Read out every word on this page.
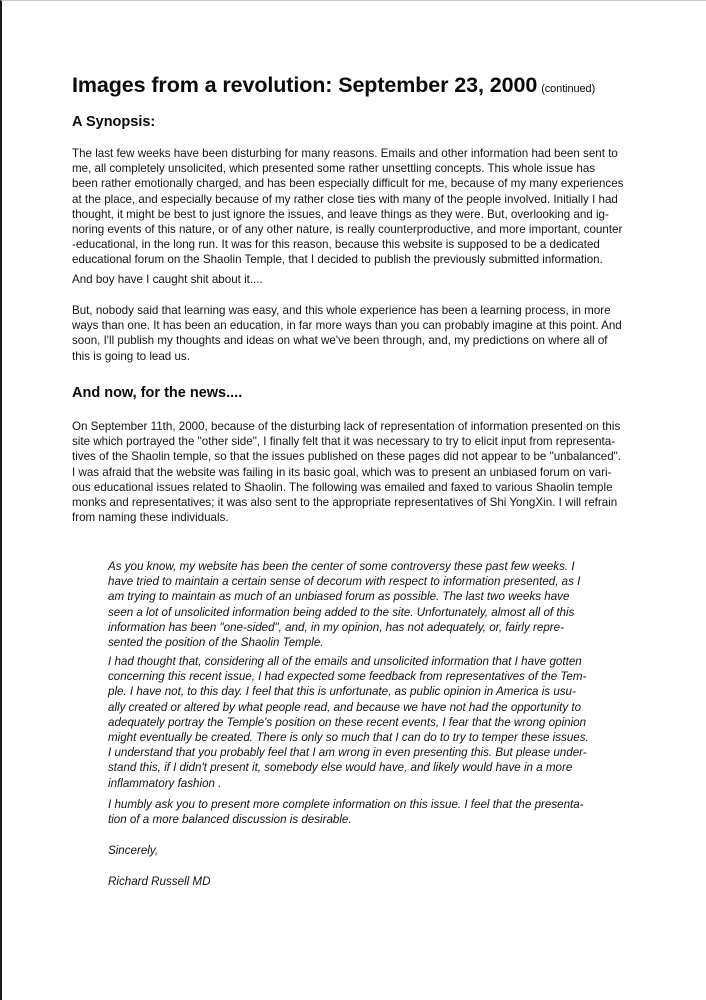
Images from a revolution: September 23, 2000 (continued)
A Synopsis:

The last few weeks have been disturbing for many reasons. Emails and other information had been sent to
me, all completely unsolicited, which presented some rather unsettling concepts. This whole issue has
been rather emotionally charged, and has been especially difficult for me, because of my many experiences
at the place, and especially because of my rather close ties with many of the people involved. Initially I had
thought, it might be best to just ignore the issues, and leave things as they were. But, overlooking and ig-
noring events of this nature, or of any other nature, is really counterproductive, and more important, counter
-educational, in the long run. It was for this reason, because this website is supposed to be a dedicated
educational forum on the Shaolin Temple, that I decided to publish the previously submitted information.

And boy have I caught shit about it....

But, nobody said that learning was easy, and this whole experience has been a learning process, in more
ways than one. It has been an education, in far more ways than you can probably imagine at this point. And
soon, I'll publish my thoughts and ideas on what we've been through, and, my predictions on where all of
this is going to lead us.

And now, for the news....

On September 11th, 2000, because of the disturbing lack of representation of information presented on this
site which portrayed the "other side", I finally felt that it was necessary to try to elicit input from representa-
tives of the Shaolin temple, so that the issues published on these pages did not appear to be "unbalanced".
I was afraid that the website was failing in its basic goal, which was to present an unbiased forum on vari-
ous educational issues related to Shaolin. The following was emailed and faxed to various Shaolin temple
monks and representatives; it was also sent to the appropriate representatives of Shi YongXin. I will refrain
from naming these individuals.

As you know, my website has been the center of some controversy these past few weeks. I
have tried to maintain a certain sense of decorum with respect to information presented, as I
am trying to maintain as much of an unbiased forum as possible. The last two weeks have
seen a lot of unsolicited information being added to the site. Unfortunately, almost all of this
information has been "one-sided", and, in my opinion, has not adequately, or, fairly repre-
sented the position of the Shaolin Temple.

I had thought that, considering all of the emails and unsolicited information that I have gotten
concerning this recent issue, I had expected some feedback from representatives of the Tem-
ple. I have not, to this day. I feel that this is unfortunate, as public opinion in America is usu-
ally created or altered by what people read, and because we have not had the opportunity to
adequately portray the Temple's position on these recent events, I fear that the wrong opinion
might eventually be created. There is only so much that I can do to try to temper these issues.
I understand that you probably feel that I am wrong in even presenting this. But please under-
stand this, if I didn't present it, somebody else would have, and likely would have in a more
inflammatory fashion .

I humbly ask you to present more complete information on this issue. I feel that the presenta-
tion of a more balanced discussion is desirable.

Sincerely,

Richard Russell MD
